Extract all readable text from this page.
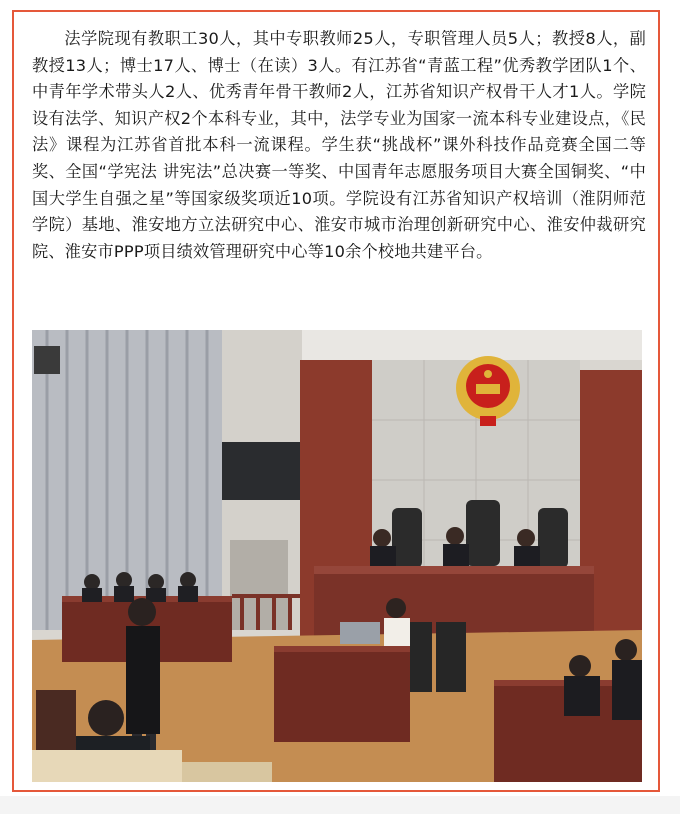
法学院现有教职工30人，其中专职教师25人，专职管理人员5人；教授8人，副教授13人；博士17人、博士（在读）3人。有江苏省“青蓝工程”优秀教学团队1个、中青年学术带头人2人、优秀青年骨干教师2人，江苏省知识产权骨干人才1人。学院设有法学、知识产权2个本科专业，其中，法学专业为国家一流本科专业建设点，《民法》课程为江苏省首批本科一流课程。学生获“挑战杯”课外科技作品竞赛全国二等奖、全国“学宪法 讲宪法”总决赛一等奖、中国青年志愿服务项目大赛全国铜奖、“中国大学生自强之星”等国家级奖项近10项。学院设有江苏省知识产权培训（淮阴师范学院）基地、淮安地方立法研究中心、淮安市城市治理创新研究中心、淮安仲裁研究院、淮安市PPP项目绩效管理研究中心等10余个校地共建平台。
